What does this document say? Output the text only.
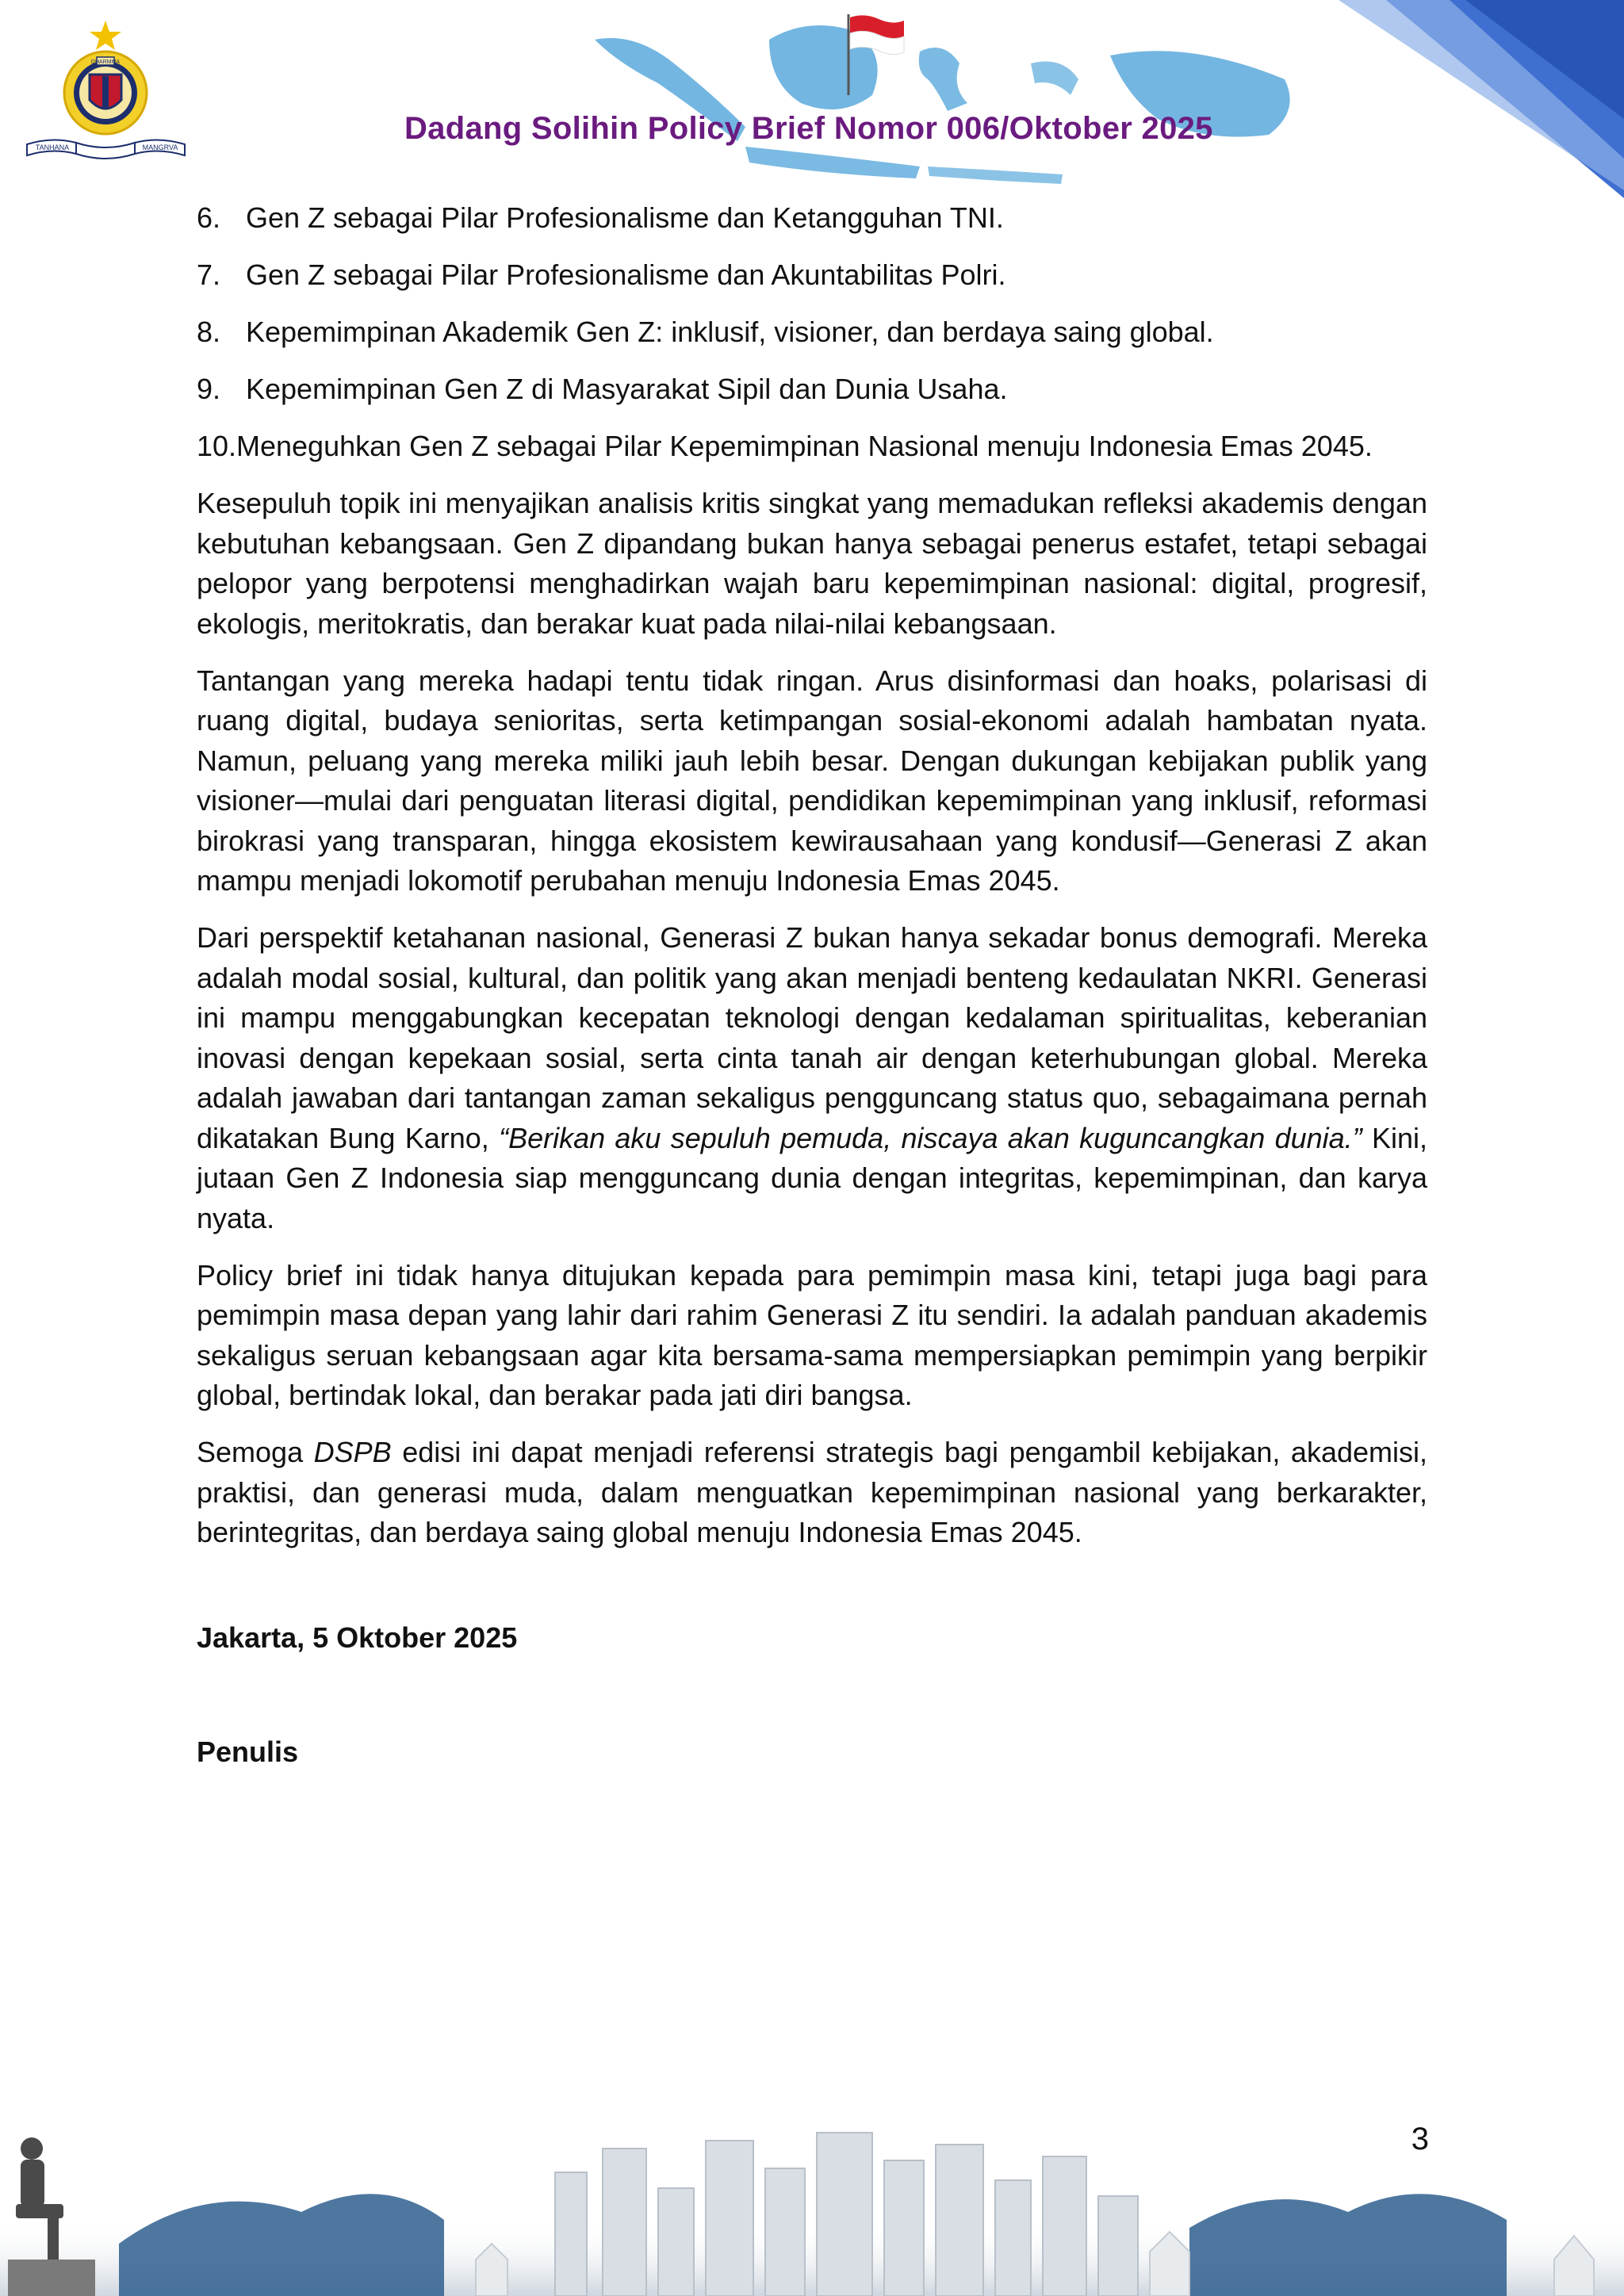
DHARMMA
TANHANA	MANGRVA
Dadang Solihin Policy Brief Nomor 006/Oktober 2025
6. Gen Z sebagai Pilar Profesionalisme dan Ketangguhan TNI.
7. Gen Z sebagai Pilar Profesionalisme dan Akuntabilitas Polri.
8. Kepemimpinan Akademik Gen Z: inklusif, visioner, dan berdaya saing global.
9. Kepemimpinan Gen Z di Masyarakat Sipil dan Dunia Usaha.
10. Meneguhkan Gen Z sebagai Pilar Kepemimpinan Nasional menuju Indonesia Emas 2045.

Kesepuluh topik ini menyajikan analisis kritis singkat yang memadukan refleksi akademis dengan kebutuhan kebangsaan. Gen Z dipandang bukan hanya sebagai penerus estafet, tetapi sebagai pelopor yang berpotensi menghadirkan wajah baru kepemimpinan nasional: digital, progresif, ekologis, meritokratis, dan berakar kuat pada nilai-nilai kebangsaan.

Tantangan yang mereka hadapi tentu tidak ringan. Arus disinformasi dan hoaks, polarisasi di ruang digital, budaya senioritas, serta ketimpangan sosial-ekonomi adalah hambatan nyata. Namun, peluang yang mereka miliki jauh lebih besar. Dengan dukungan kebijakan publik yang visioner—mulai dari penguatan literasi digital, pendidikan kepemimpinan yang inklusif, reformasi birokrasi yang transparan, hingga ekosistem kewirausahaan yang kondusif—Generasi Z akan mampu menjadi lokomotif perubahan menuju Indonesia Emas 2045.

Dari perspektif ketahanan nasional, Generasi Z bukan hanya sekadar bonus demografi. Mereka adalah modal sosial, kultural, dan politik yang akan menjadi benteng kedaulatan NKRI. Generasi ini mampu menggabungkan kecepatan teknologi dengan kedalaman spiritualitas, keberanian inovasi dengan kepekaan sosial, serta cinta tanah air dengan keterhubungan global. Mereka adalah jawaban dari tantangan zaman sekaligus pengguncang status quo, sebagaimana pernah dikatakan Bung Karno, “Berikan aku sepuluh pemuda, niscaya akan kuguncangkan dunia.” Kini, jutaan Gen Z Indonesia siap mengguncang dunia dengan integritas, kepemimpinan, dan karya nyata.

Policy brief ini tidak hanya ditujukan kepada para pemimpin masa kini, tetapi juga bagi para pemimpin masa depan yang lahir dari rahim Generasi Z itu sendiri. Ia adalah panduan akademis sekaligus seruan kebangsaan agar kita bersama-sama mempersiapkan pemimpin yang berpikir global, bertindak lokal, dan berakar pada jati diri bangsa.

Semoga DSPB edisi ini dapat menjadi referensi strategis bagi pengambil kebijakan, akademisi, praktisi, dan generasi muda, dalam menguatkan kepemimpinan nasional yang berkarakter, berintegritas, dan berdaya saing global menuju Indonesia Emas 2045.

Jakarta, 5 Oktober 2025
Penulis
3
